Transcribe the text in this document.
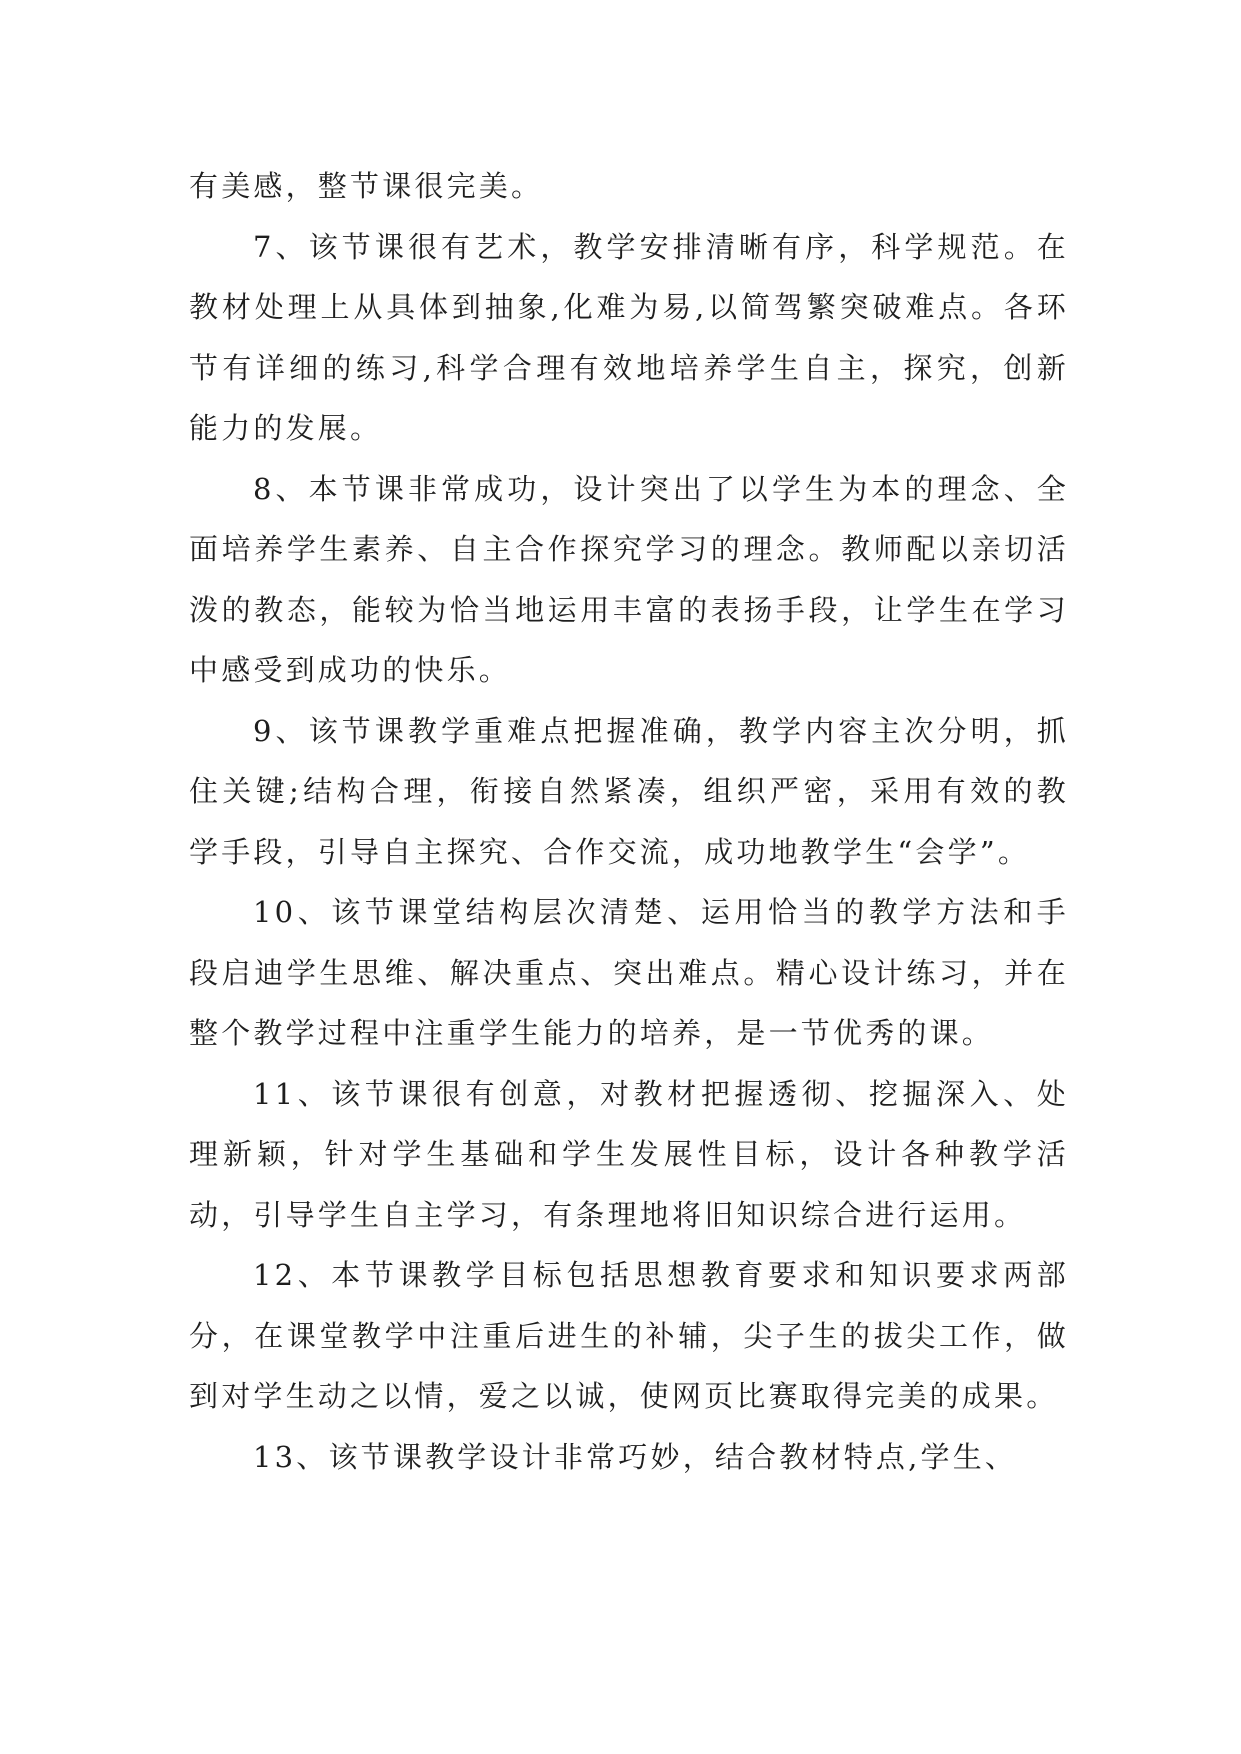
有美感，整节课很完美。

7、该节课很有艺术，教学安排清晰有序，科学规范。在教材处理上从具体到抽象,化难为易,以简驾繁突破难点。各环节有详细的练习,科学合理有效地培养学生自主，探究，创新能力的发展。

8、本节课非常成功，设计突出了以学生为本的理念、全面培养学生素养、自主合作探究学习的理念。教师配以亲切活泼的教态，能较为恰当地运用丰富的表扬手段，让学生在学习中感受到成功的快乐。

9、该节课教学重难点把握准确，教学内容主次分明，抓住关键;结构合理，衔接自然紧凑，组织严密，采用有效的教学手段，引导自主探究、合作交流，成功地教学生“会学”。

10、该节课堂结构层次清楚、运用恰当的教学方法和手段启迪学生思维、解决重点、突出难点。精心设计练习，并在整个教学过程中注重学生能力的培养，是一节优秀的课。

11、该节课很有创意，对教材把握透彻、挖掘深入、处理新颖，针对学生基础和学生发展性目标，设计各种教学活动，引导学生自主学习，有条理地将旧知识综合进行运用。

12、本节课教学目标包括思想教育要求和知识要求两部分，在课堂教学中注重后进生的补辅，尖子生的拔尖工作，做到对学生动之以情，爱之以诚，使网页比赛取得完美的成果。

13、该节课教学设计非常巧妙，结合教材特点,学生、
